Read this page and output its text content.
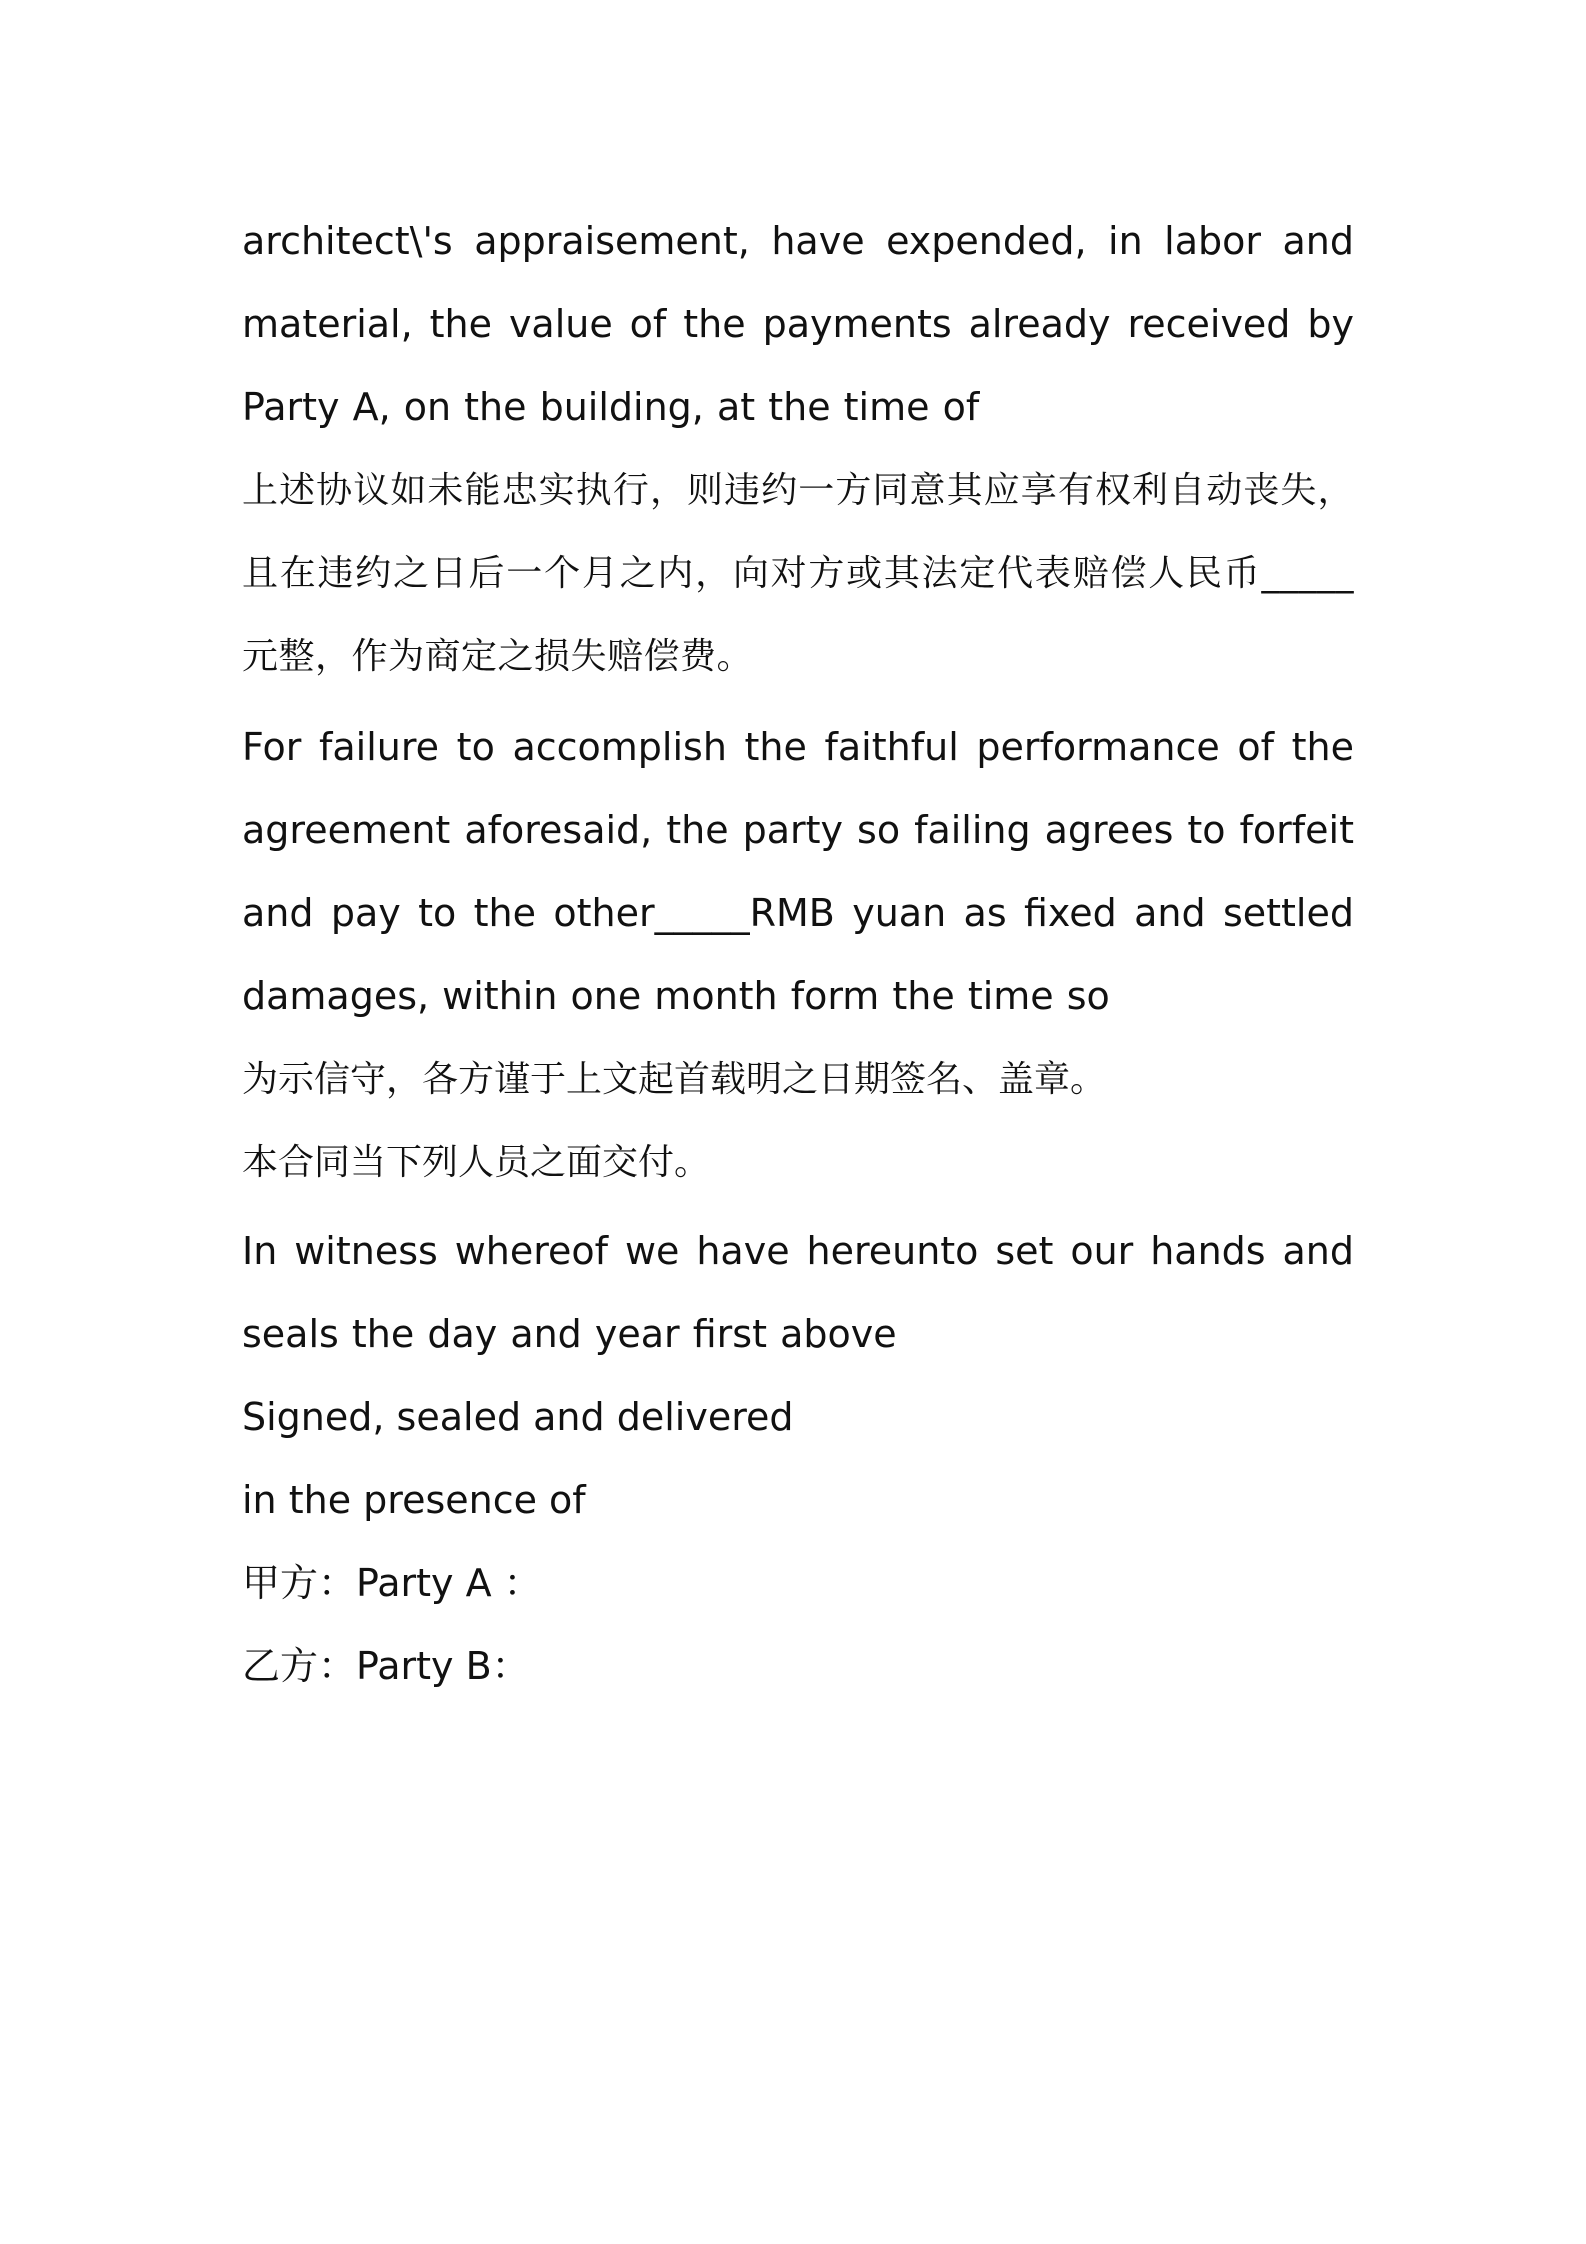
architect\'s appraisement, have expended, in labor and material, the value of the payments already received by Party A, on the building, at the time of

上述协议如未能忠实执行，则违约一方同意其应享有权利自动丧失，且在违约之日后一个月之内，向对方或其法定代表赔偿人民币_____元整，作为商定之损失赔偿费。

For failure to accomplish the faithful performance of the agreement aforesaid, the party so failing agrees to forfeit and pay to the other_____RMB yuan as fixed and settled damages, within one month form the time so

为示信守，各方谨于上文起首载明之日期签名、盖章。

本合同当下列人员之面交付。

In witness whereof we have hereunto set our hands and seals the day and year first above

Signed, sealed and delivered

in the presence of

甲方：Party A ：

乙方：Party B：
